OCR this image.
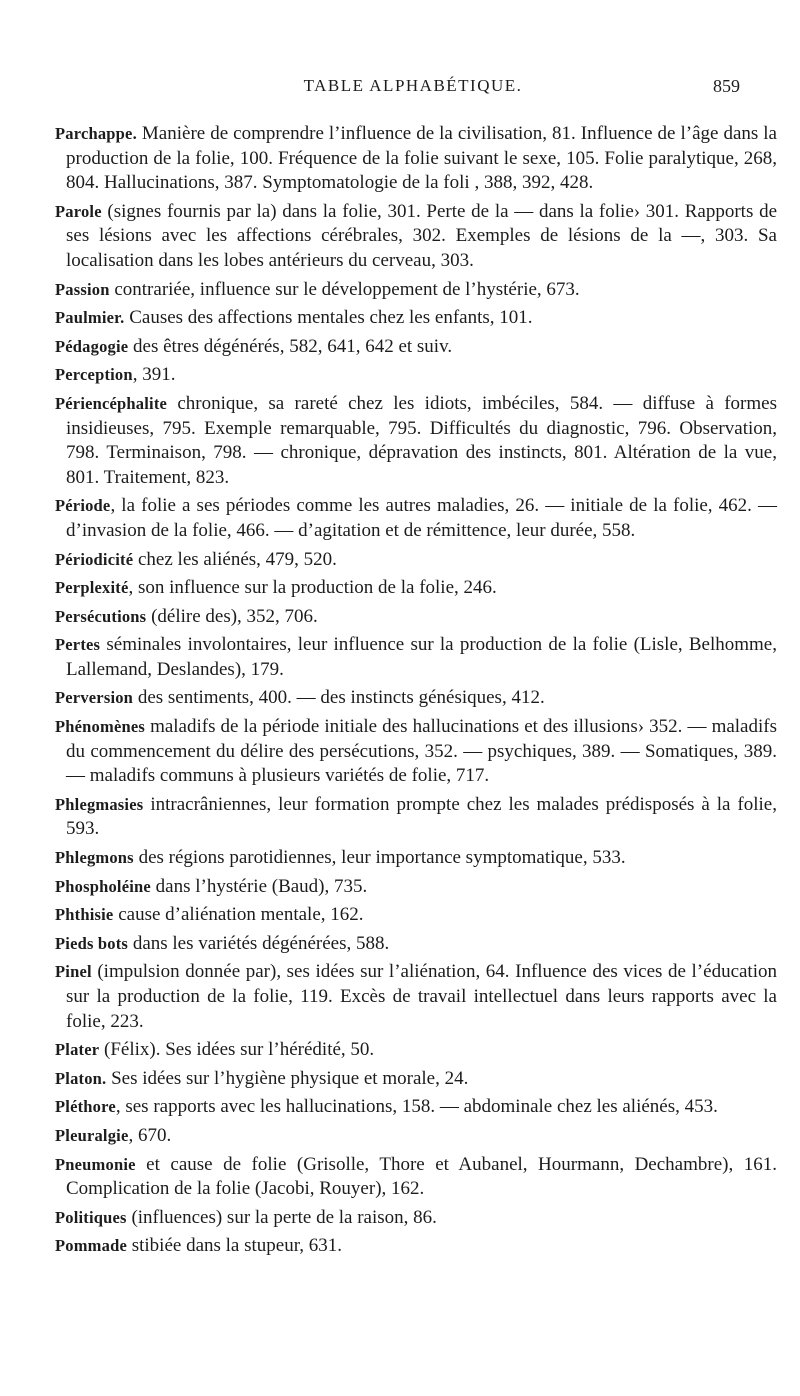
TABLE ALPHABÉTIQUE.	859

Parchappe. Manière de comprendre l’influence de la civilisation, 81. Influence de l’âge dans la production de la folie, 100. Fréquence de la folie suivant le sexe, 105. Folie paralytique, 268, 804. Hallucinations, 387. Symptomatologie de la foli , 388, 392, 428.

Parole (signes fournis par la) dans la folie, 301. Perte de la — dans la folie› 301. Rapports de ses lésions avec les affections cérébrales, 302. Exemples de lésions de la —, 303. Sa localisation dans les lobes antérieurs du cerveau, 303.

Passion contrariée, influence sur le développement de l’hystérie, 673.

Paulmier. Causes des affections mentales chez les enfants, 101.

Pédagogie des êtres dégénérés, 582, 641, 642 et suiv.

Perception, 391.

Périencéphalite chronique, sa rareté chez les idiots, imbéciles, 584. — diffuse à formes insidieuses, 795. Exemple remarquable, 795. Difficultés du diagnostic, 796. Observation, 798. Terminaison, 798. — chronique, dépravation des instincts, 801. Altération de la vue, 801. Traitement, 823.

Période, la folie a ses périodes comme les autres maladies, 26. — initiale de la folie, 462. — d’invasion de la folie, 466. — d’agitation et de rémittence, leur durée, 558.

Périodicité chez les aliénés, 479, 520.

Perplexité, son influence sur la production de la folie, 246.

Persécutions (délire des), 352, 706.

Pertes séminales involontaires, leur influence sur la production de la folie (Lisle, Belhomme, Lallemand, Deslandes), 179.

Perversion des sentiments, 400. — des instincts génésiques, 412.

Phénomènes maladifs de la période initiale des hallucinations et des illusions› 352. — maladifs du commencement du délire des persécutions, 352. — psychiques, 389. — Somatiques, 389. — maladifs communs à plusieurs variétés de folie, 717.

Phlegmasies intracrâniennes, leur formation prompte chez les malades prédisposés à la folie, 593.

Phlegmons des régions parotidiennes, leur importance symptomatique, 533.

Phospholéine dans l’hystérie (Baud), 735.

Phthisie cause d’aliénation mentale, 162.

Pieds bots dans les variétés dégénérées, 588.

Pinel (impulsion donnée par), ses idées sur l’aliénation, 64. Influence des vices de l’éducation sur la production de la folie, 119. Excès de travail intellectuel dans leurs rapports avec la folie, 223.

Plater (Félix). Ses idées sur l’hérédité, 50.

Platon. Ses idées sur l’hygiène physique et morale, 24.

Pléthore, ses rapports avec les hallucinations, 158. — abdominale chez les aliénés, 453.

Pleuralgie, 670.

Pneumonie et cause de folie (Grisolle, Thore et Aubanel, Hourmann, Dechambre), 161. Complication de la folie (Jacobi, Rouyer), 162.

Politiques (influences) sur la perte de la raison, 86.

Pommade stibiée dans la stupeur, 631.
